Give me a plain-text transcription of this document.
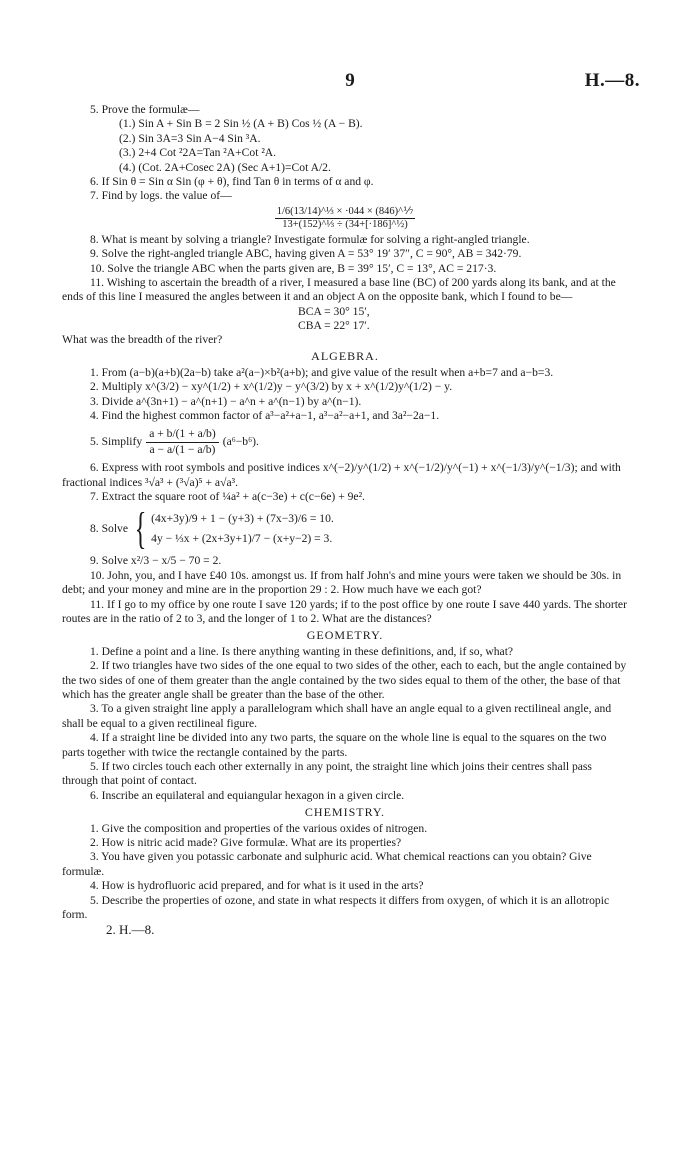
9	H.—8.

5. Prove the formulæ—

(1.) Sin A + Sin B = 2 Sin ½ (A + B) Cos ½ (A − B).

(2.) Sin 3A=3 Sin A−4 Sin ³A.

(3.) 2+4 Cot ²2A=Tan ²A+Cot ²A.

(4.) (Cot. 2A+Cosec 2A) (Sec A+1)=Cot A/2.

6. If Sin θ = Sin α Sin (φ + θ), find Tan θ in terms of α and φ.

7. Find by logs. the value of—

$\frac{\text{1/6(13/14)\textasciicircum{}⅓ × ·044 × (846)\textasciicircum{}⅐}}{\text{13+(152)\textasciicircum{}⅓ ÷ (34+[·186]\textasciicircum{}½)}}$

8. What is meant by solving a triangle? Investigate formulæ for solving a right-angled triangle.

9. Solve the right-angled triangle ABC, having given A = 53° 19′ 37″, C = 90°, AB = 342·79.

10. Solve the triangle ABC when the parts given are, B = 39° 15′, C = 13°, AC = 217·3.

11. Wishing to ascertain the breadth of a river, I measured a base line (BC) of 200 yards along its bank, and at the ends of this line I measured the angles between it and an object A on the opposite bank, which I found to be—

BCA = 30° 15′,

CBA = 22° 17′.

What was the breadth of the river?

ALGEBRA.

1. From (a−b)(a+b)(2a−b) take a²(a−)×b²(a+b); and give value of the result when a+b=7 and a−b=3.

2. Multiply x^(3/2) − xy^(1/2) + x^(1/2)y − y^(3/2) by x + x^(1/2)y^(1/2) − y.

3. Divide a^(3n+1) − a^(n+1) − a^n + a^(n−1) by a^(n−1).

4. Find the highest common factor of a³−a²+a−1, a³−a²−a+1, and 3a²−2a−1.

5. Simplify $\frac{a + b/(1 + a/b)}{a - a/(1 - a/b)} (a^6-b^6)$.

6. Express with root symbols and positive indices x^(−2)/y^(1/2) + x^(−1/2)/y^(−1) + x^(−1/3)/y^(−1/3); and with fractional indices ³√a³ + (³√a)⁵ + a√a³.

7. Extract the square root of ¼a² + a(c−3e) + c(c−6e) + 9e².

8. Solve { (4x+3y)/9 + 1 − (y+3) + (7x−3)/6 = 10.
4y − ⅓x + (2x+3y+1)/7 − (x+y−2) = 3.

9. Solve x²/3 − x/5 − 70 = 2.

10. John, you, and I have £40 10s. amongst us. If from half John's and mine yours were taken we should be 30s. in debt; and your money and mine are in the proportion 29 : 2. How much have we each got?

11. If I go to my office by one route I save 120 yards; if to the post office by one route I save 440 yards. The shorter routes are in the ratio of 2 to 3, and the longer of 1 to 2. What are the distances?

GEOMETRY.

1. Define a point and a line. Is there anything wanting in these definitions, and, if so, what?

2. If two triangles have two sides of the one equal to two sides of the other, each to each, but the angle contained by the two sides of one of them greater than the angle contained by the two sides equal to them of the other, the base of that which has the greater angle shall be greater than the base of the other.

3. To a given straight line apply a parallelogram which shall have an angle equal to a given rectilineal angle, and shall be equal to a given rectilineal figure.

4. If a straight line be divided into any two parts, the square on the whole line is equal to the squares on the two parts together with twice the rectangle contained by the parts.

5. If two circles touch each other externally in any point, the straight line which joins their centres shall pass through that point of contact.

6. Inscribe an equilateral and equiangular hexagon in a given circle.

CHEMISTRY.

1. Give the composition and properties of the various oxides of nitrogen.

2. How is nitric acid made? Give formulæ. What are its properties?

3. You have given you potassic carbonate and sulphuric acid. What chemical reactions can you obtain? Give formulæ.

4. How is hydrofluoric acid prepared, and for what is it used in the arts?

5. Describe the properties of ozone, and state in what respects it differs from oxygen, of which it is an allotropic form.

2. H.—8.
